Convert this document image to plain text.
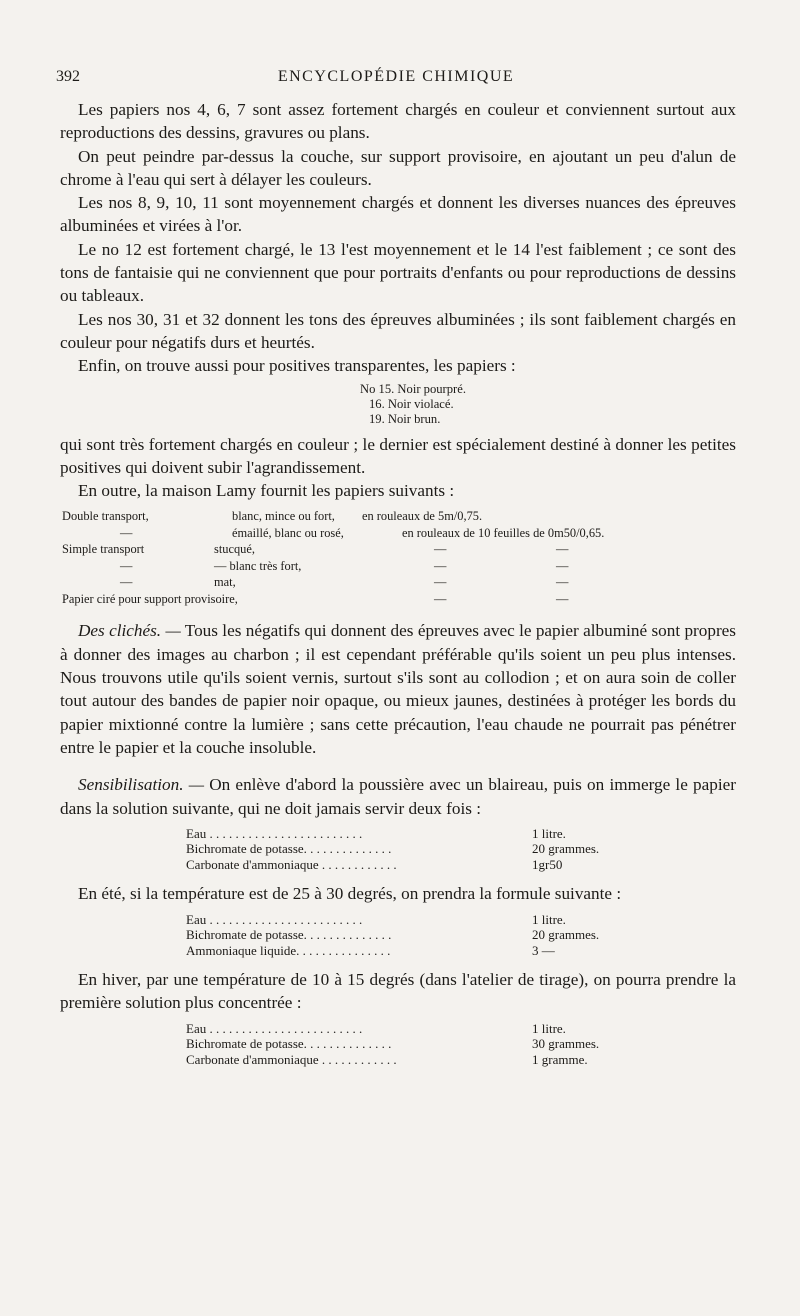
392	ENCYCLOPÉDIE CHIMIQUE

Les papiers nos 4, 6, 7 sont assez fortement chargés en couleur et conviennent surtout aux reproductions des dessins, gravures ou plans.

On peut peindre par-dessus la couche, sur support provisoire, en ajoutant un peu d'alun de chrome à l'eau qui sert à délayer les couleurs.

Les nos 8, 9, 10, 11 sont moyennement chargés et donnent les diverses nuances des épreuves albuminées et virées à l'or.

Le no 12 est fortement chargé, le 13 l'est moyennement et le 14 l'est faiblement ; ce sont des tons de fantaisie qui ne conviennent que pour portraits d'enfants ou pour reproductions de dessins ou tableaux.

Les nos 30, 31 et 32 donnent les tons des épreuves albuminées ; ils sont faiblement chargés en couleur pour négatifs durs et heurtés.

Enfin, on trouve aussi pour positives transparentes, les papiers :

No 15. Noir pourpré.
16. Noir violacé.
19. Noir brun.

qui sont très fortement chargés en couleur ; le dernier est spécialement destiné à donner les petites positives qui doivent subir l'agrandissement.

En outre, la maison Lamy fournit les papiers suivants :

Double transport,	blanc, mince ou fort,	en rouleaux de 5m/0,75.
—	émaillé, blanc ou rosé,	en rouleaux de 10 feuilles de 0m50/0,65.
Simple transport	stucqué,	—	—
—	— blanc très fort,	—	—
—	mat,	—	—
Papier ciré pour support provisoire,	—	—

Des clichés. — Tous les négatifs qui donnent des épreuves avec le papier albuminé sont propres à donner des images au charbon ; il est cependant préférable qu'ils soient un peu plus intenses. Nous trouvons utile qu'ils soient vernis, surtout s'ils sont au collodion ; et on aura soin de coller tout autour des bandes de papier noir opaque, ou mieux jaunes, destinées à protéger les bords du papier mixtionné contre la lumière ; sans cette précaution, l'eau chaude ne pourrait pas pénétrer entre le papier et la couche insoluble.

Sensibilisation. — On enlève d'abord la poussière avec un blaireau, puis on immerge le papier dans la solution suivante, qui ne doit jamais servir deux fois :

Eau . . . . . . . . . . . . . . . . . . . . . . . .	1 litre.
Bichromate de potasse. . . . . . . . . . . . . .	20 grammes.
Carbonate d'ammoniaque . . . . . . . . . . . .	1gr50

En été, si la température est de 25 à 30 degrés, on prendra la formule suivante :

Eau . . . . . . . . . . . . . . . . . . . . . . . .	1 litre.
Bichromate de potasse. . . . . . . . . . . . . .	20 grammes.
Ammoniaque liquide. . . . . . . . . . . . . . .	3 —

En hiver, par une température de 10 à 15 degrés (dans l'atelier de tirage), on pourra prendre la première solution plus concentrée :

Eau . . . . . . . . . . . . . . . . . . . . . . . .	1 litre.
Bichromate de potasse. . . . . . . . . . . . . .	30 grammes.
Carbonate d'ammoniaque . . . . . . . . . . . .	1 gramme.
